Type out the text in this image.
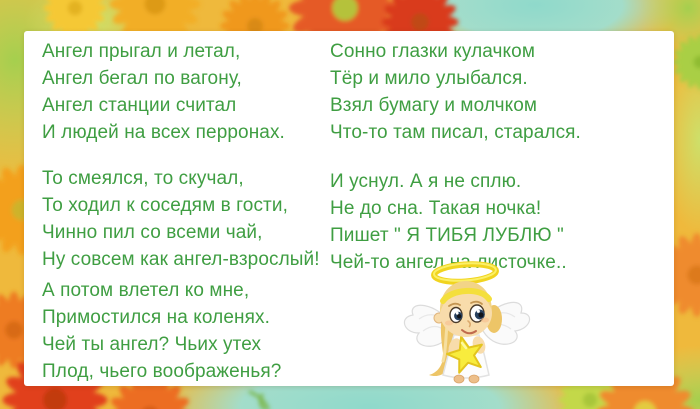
Ангел прыгал и летал,
Ангел бегал по вагону,
Ангел станции считал
И людей на всех перронах.
То смеялся, то скучал,
То ходил к соседям в гости,
Чинно пил со всеми чай,
Ну совсем как ангел-взрослый!
А потом влетел ко мне,
Примостился на коленях.
Чей ты ангел? Чьих утех
Плод, чьего воображенья?
Сонно глазки кулачком
Тёр и мило улыбался.
Взял бумагу и молчком
Что-то там писал, старался.
И уснул. А я не сплю.
Не до сна. Такая ночка!
Пишет " Я ТИБЯ ЛУБЛЮ "
Чей-то ангел на листочке..
